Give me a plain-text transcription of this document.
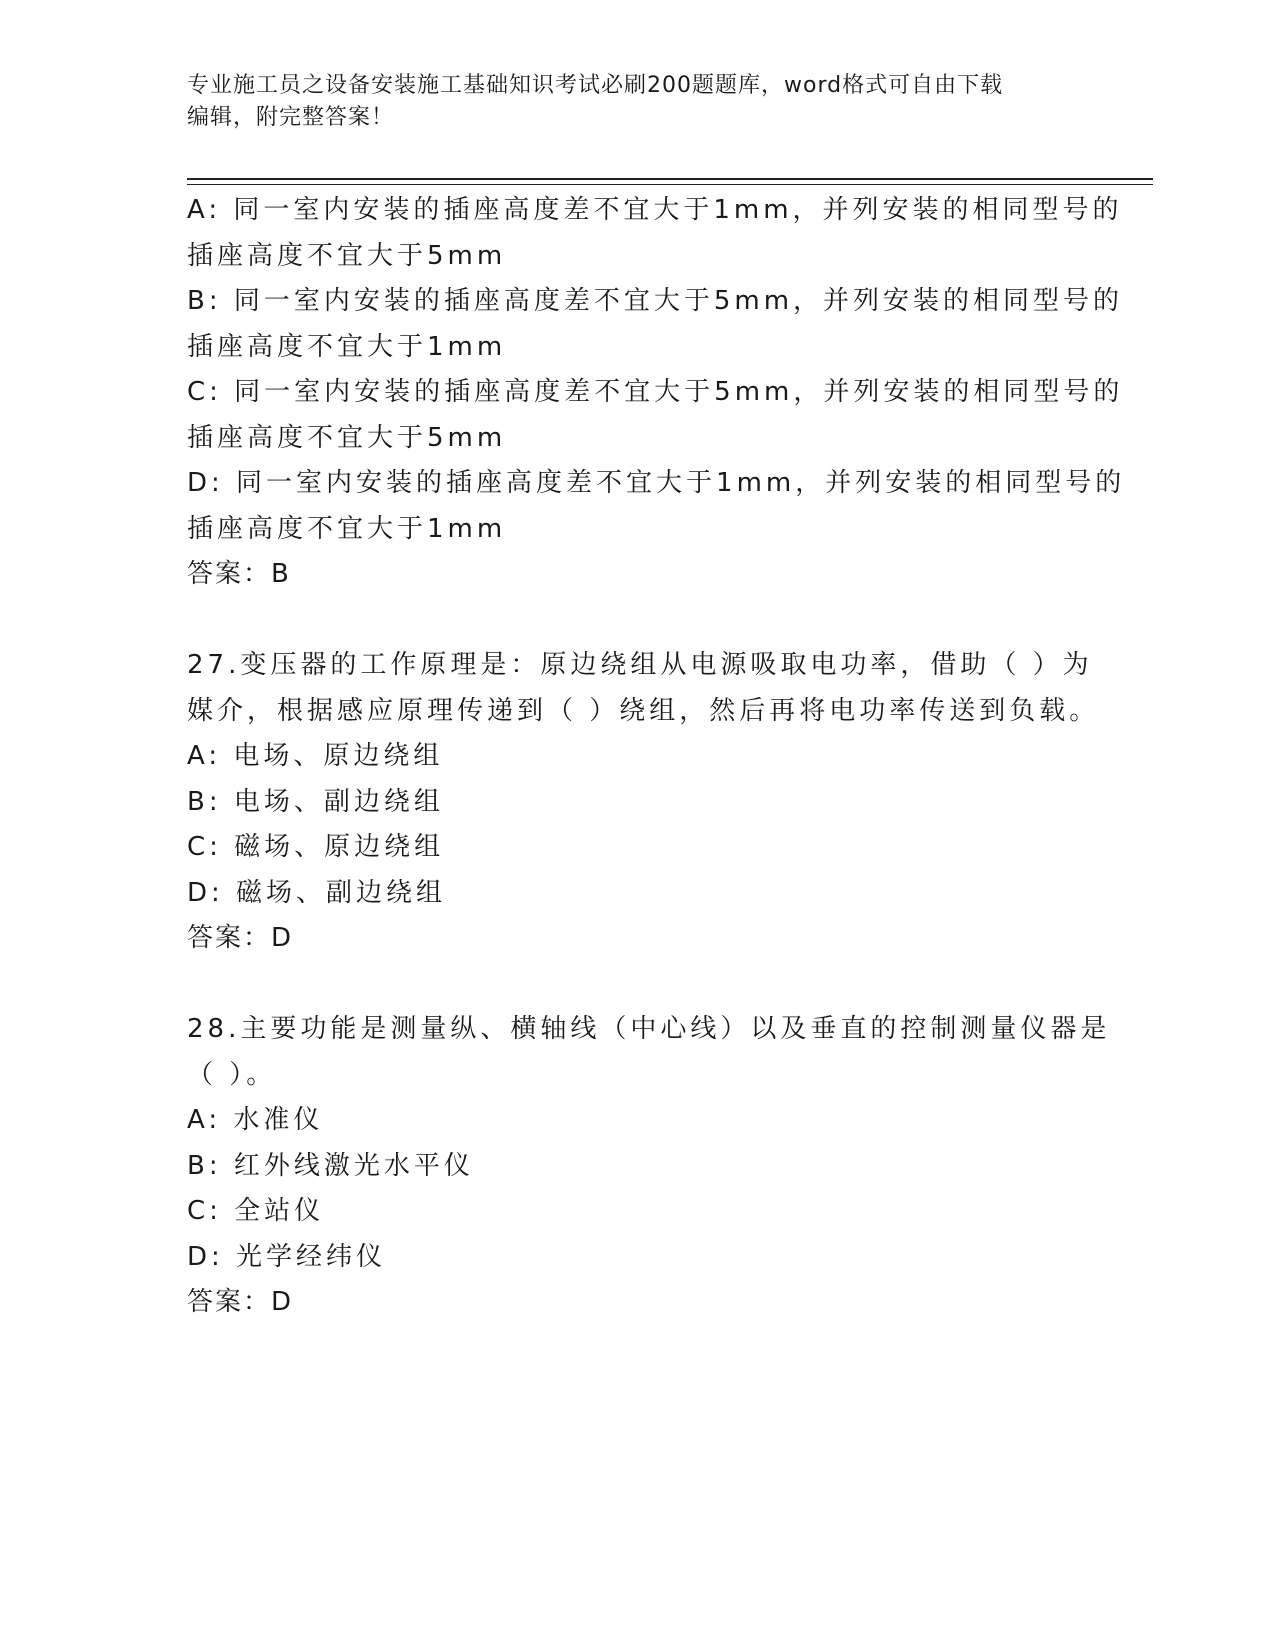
专业施工员之设备安装施工基础知识考试必刷200题题库，word格式可自由下载
编辑，附完整答案！
A: 同一室内安装的插座高度差不宜大于1mm，并列安装的相同型号的
插座高度不宜大于5mm
B: 同一室内安装的插座高度差不宜大于5mm，并列安装的相同型号的
插座高度不宜大于1mm
C: 同一室内安装的插座高度差不宜大于5mm，并列安装的相同型号的
插座高度不宜大于5mm
D: 同一室内安装的插座高度差不宜大于1mm，并列安装的相同型号的
插座高度不宜大于1mm
答案：B
27.变压器的工作原理是：原边绕组从电源吸取电功率，借助（ ）为
媒介，根据感应原理传递到（ ）绕组，然后再将电功率传送到负载。
A: 电场、原边绕组
B: 电场、副边绕组
C: 磁场、原边绕组
D: 磁场、副边绕组
答案：D
28.主要功能是测量纵、横轴线（中心线）以及垂直的控制测量仪器是
（ ）。
A: 水准仪
B: 红外线激光水平仪
C: 全站仪
D: 光学经纬仪
答案：D
